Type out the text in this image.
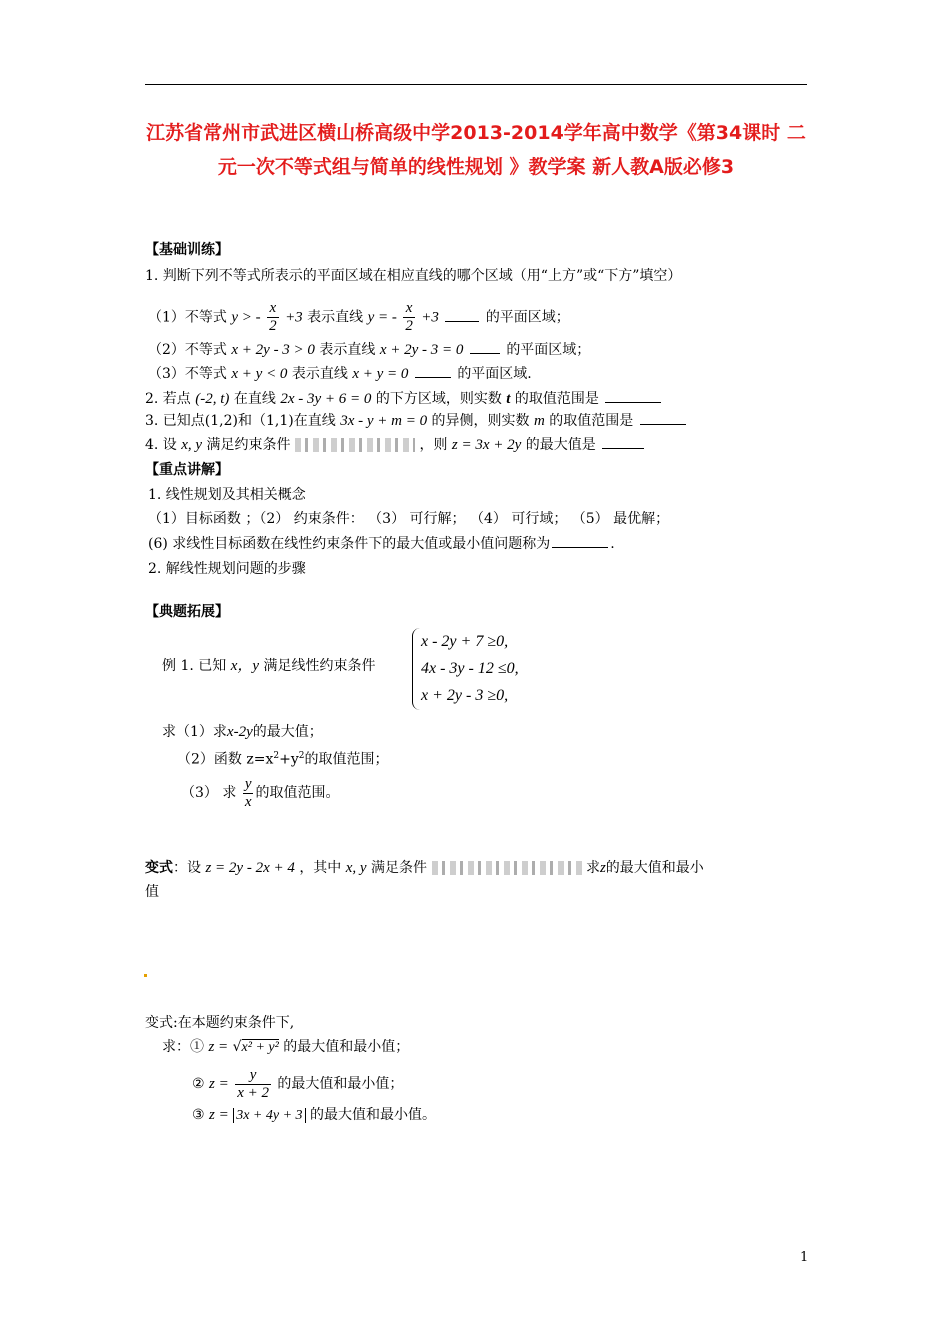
江苏省常州市武进区横山桥高级中学2013-2014学年高中数学《第34课时 二元一次不等式组与简单的线性规划 》教学案 新人教A版必修3
【基础训练】
1. 判断下列不等式所表示的平面区域在相应直线的哪个区域（用“上方”或“下方”填空）
（1）不等式 y > - $\frac{x}{2} +3$ 表示直线 y = - $\frac{x}{2} +3$	的平面区域；
（2）不等式 x + 2y - 3 > 0 表示直线 x + 2y - 3 = 0	的平面区域；
（3）不等式 x + y < 0 表示直线 x + y = 0	的平面区域.
2. 若点 (-2, t) 在直线 2x - 3y + 6 = 0 的下方区域，则实数 t 的取值范围是
3. 已知点(1,2)和（1,1)在直线 3x - y + m = 0 的异侧，则实数 m 的取值范围是
4. 设 x, y 满足约束条件	，则 z = 3x + 2y 的最大值是
【重点讲解】
1. 线性规划及其相关概念
（1）目标函数 ；（2） 约束条件： （3） 可行解； （4） 可行域； （5） 最优解；
(6) 求线性目标函数在线性约束条件下的最大值或最小值问题称为	.
2. 解线性规划问题的步骤
【典题拓展】
例 1. 已知 x，y 满足线性约束条件
x - 2y + 7 ≥0,
4x - 3y - 12 ≤0,
x + 2y - 3 ≥0,
求（1）求x-2y的最大值；
（2）函数 $z=x^2+y^2$的取值范围；
（3） 求 $\frac{y}{x}$ 的取值范围。
变式：设 z = 2y - 2x + 4 ，其中 x, y 满足条件	求z的最大值和最小
值
变式:在本题约束条件下,
求：① z = √x² + y² 的最大值和最小值；
② $z = \frac{y}{x + 2}$ 的最大值和最小值；
③ z = 3x + 4y + 3 的最大值和最小值。
1
